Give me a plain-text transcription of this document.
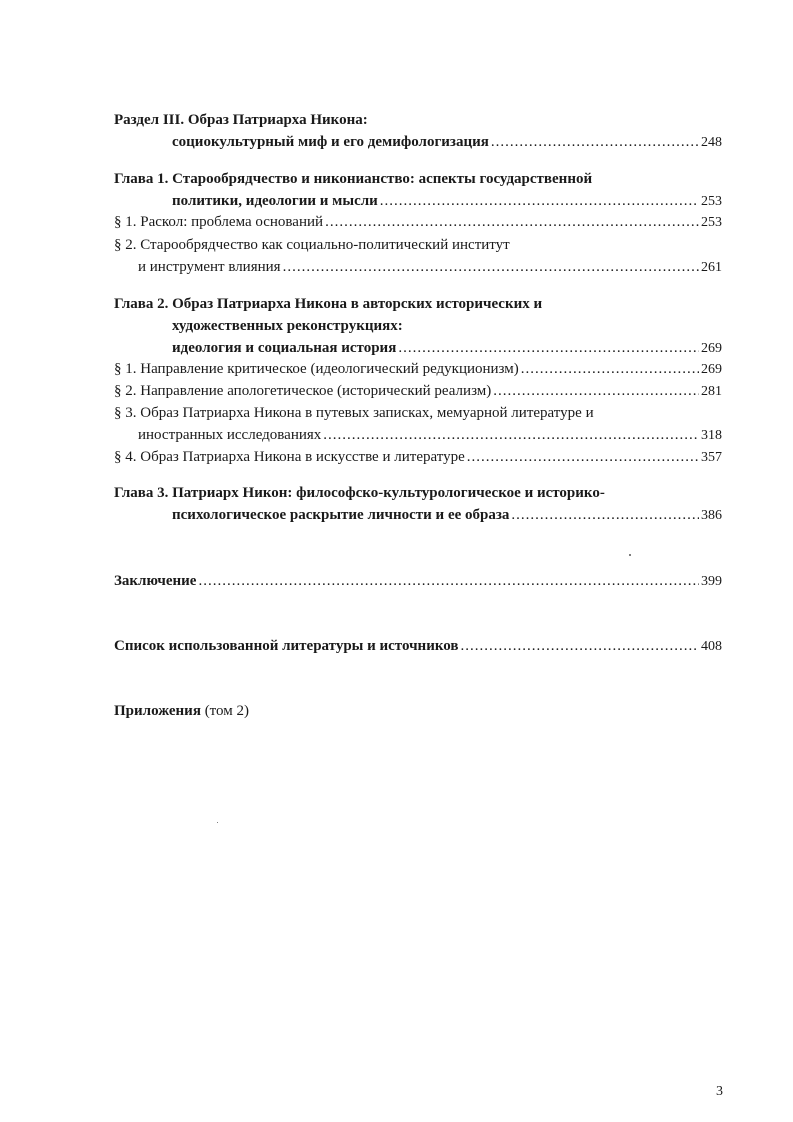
Раздел III. Образ Патриарха Никона:
социокультурный миф и его демифологизация .....	248
Глава 1. Старообрядчество и никонианство: аспекты государственной
политики, идеологии и мысли .....	253
§ 1. Раскол: проблема оснований .....	253
§ 2. Старообрядчество как социально-политический институт
и инструмент влияния .....	261
Глава 2. Образ Патриарха Никона в авторских исторических и
художественных реконструкциях:
идеология и социальная история .....	269
§ 1. Направление критическое (идеологический редукционизм) .....	269
§ 2. Направление апологетическое (исторический реализм) .....	281
§ 3. Образ Патриарха Никона в путевых записках, мемуарной литературе и
иностранных исследованиях .....	318
§ 4. Образ Патриарха Никона в искусстве и литературе .....	357
Глава 3. Патриарх Никон: философско-культурологическое и историко-
психологическое раскрытие личности и ее образа .....	386
Заключение .....	399
Список использованной литературы и источников .....	408
Приложения (том 2)
3
